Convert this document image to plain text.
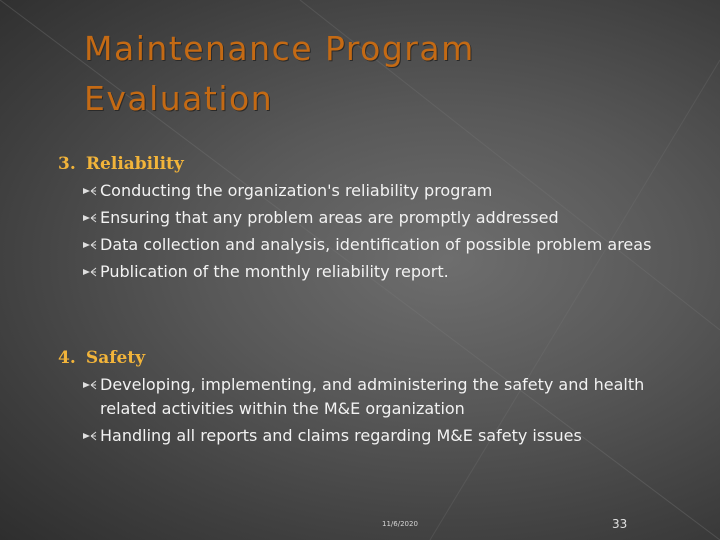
Maintenance Program
Evaluation
3. Reliability
Conducting the organization's reliability program
Ensuring that any problem areas are promptly addressed
Data collection and analysis, identification of possible problem areas
Publication of the monthly reliability report.
4. Safety
Developing, implementing, and administering the safety and health related activities within the M&E organization
Handling all reports and claims regarding M&E safety issues
11/6/2020	33
